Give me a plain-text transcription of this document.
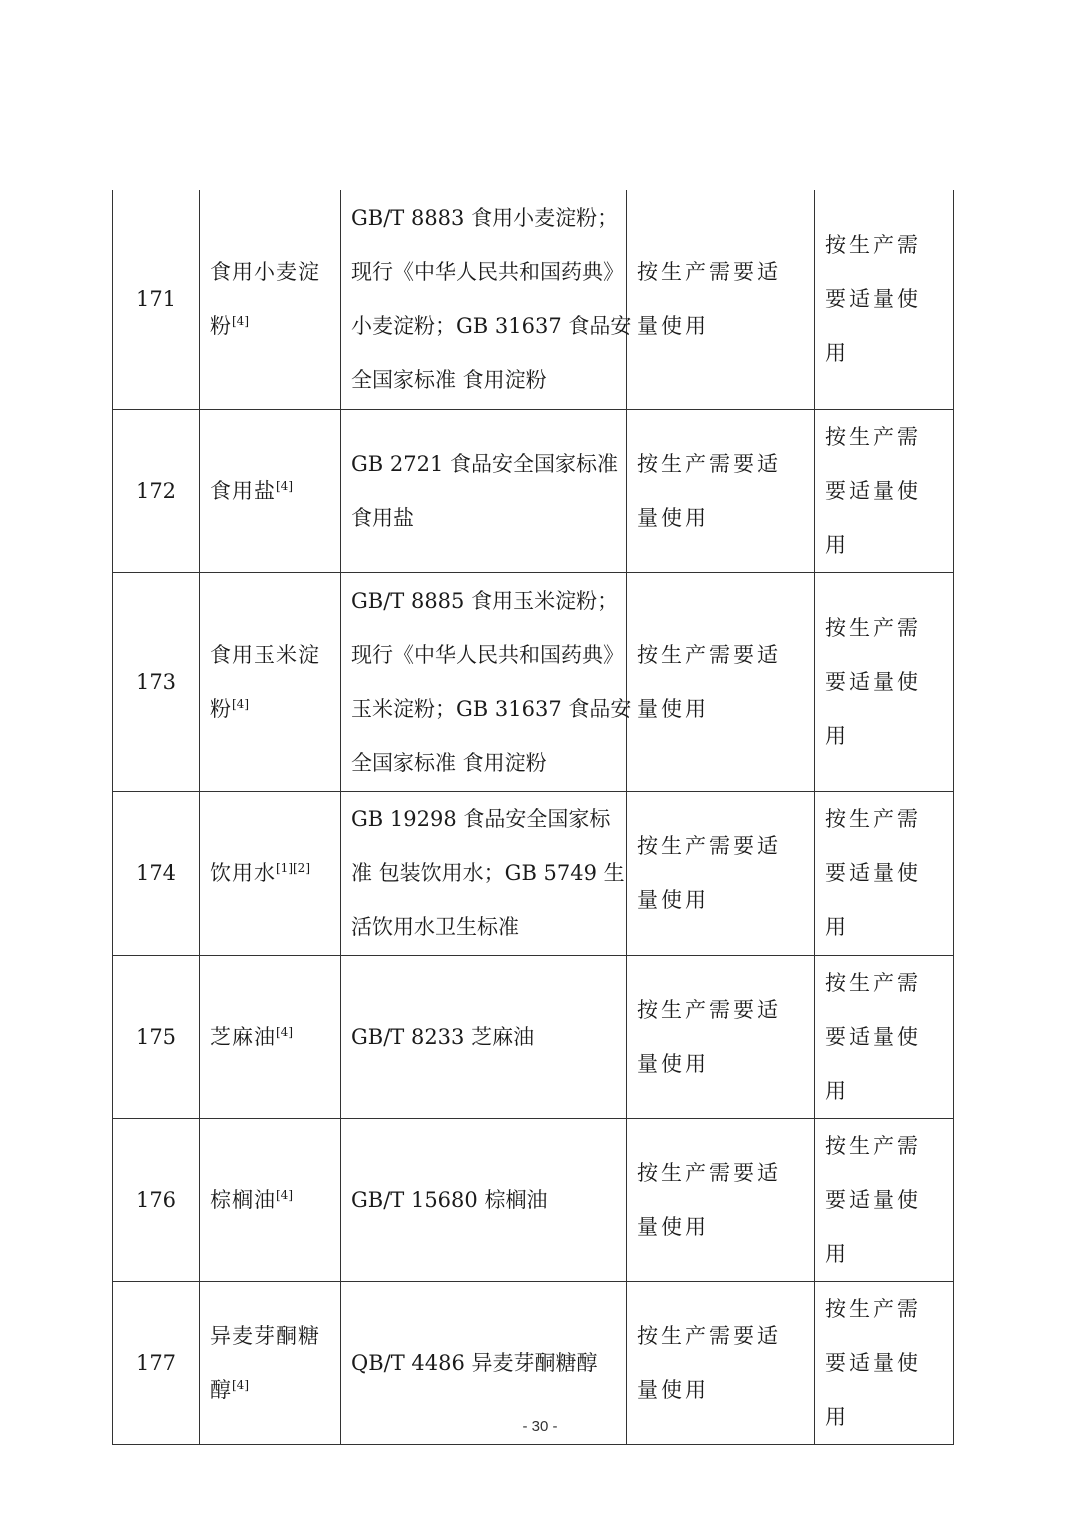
171	食用小麦淀粉[4]	GB/T 8883 食用小麦淀粉；
现行《中华人民共和国药典》
小麦淀粉；GB 31637 食品安
全国家标准 食用淀粉	按生产需要适量使用	按生产需要适量使用
172	食用盐[4]	GB 2721 食品安全国家标准
食用盐	按生产需要适量使用	按生产需要适量使用
173	食用玉米淀粉[4]	GB/T 8885 食用玉米淀粉；
现行《中华人民共和国药典》
玉米淀粉；GB 31637 食品安
全国家标准 食用淀粉	按生产需要适量使用	按生产需要适量使用
174	饮用水[1][2]	GB 19298 食品安全国家标
准 包装饮用水；GB 5749 生
活饮用水卫生标准	按生产需要适量使用	按生产需要适量使用
175	芝麻油[4]	GB/T 8233 芝麻油	按生产需要适量使用	按生产需要适量使用
176	棕榈油[4]	GB/T 15680 棕榈油	按生产需要适量使用	按生产需要适量使用
177	异麦芽酮糖醇[4]	QB/T 4486 异麦芽酮糖醇	按生产需要适量使用	按生产需要适量使用
- 30 -
